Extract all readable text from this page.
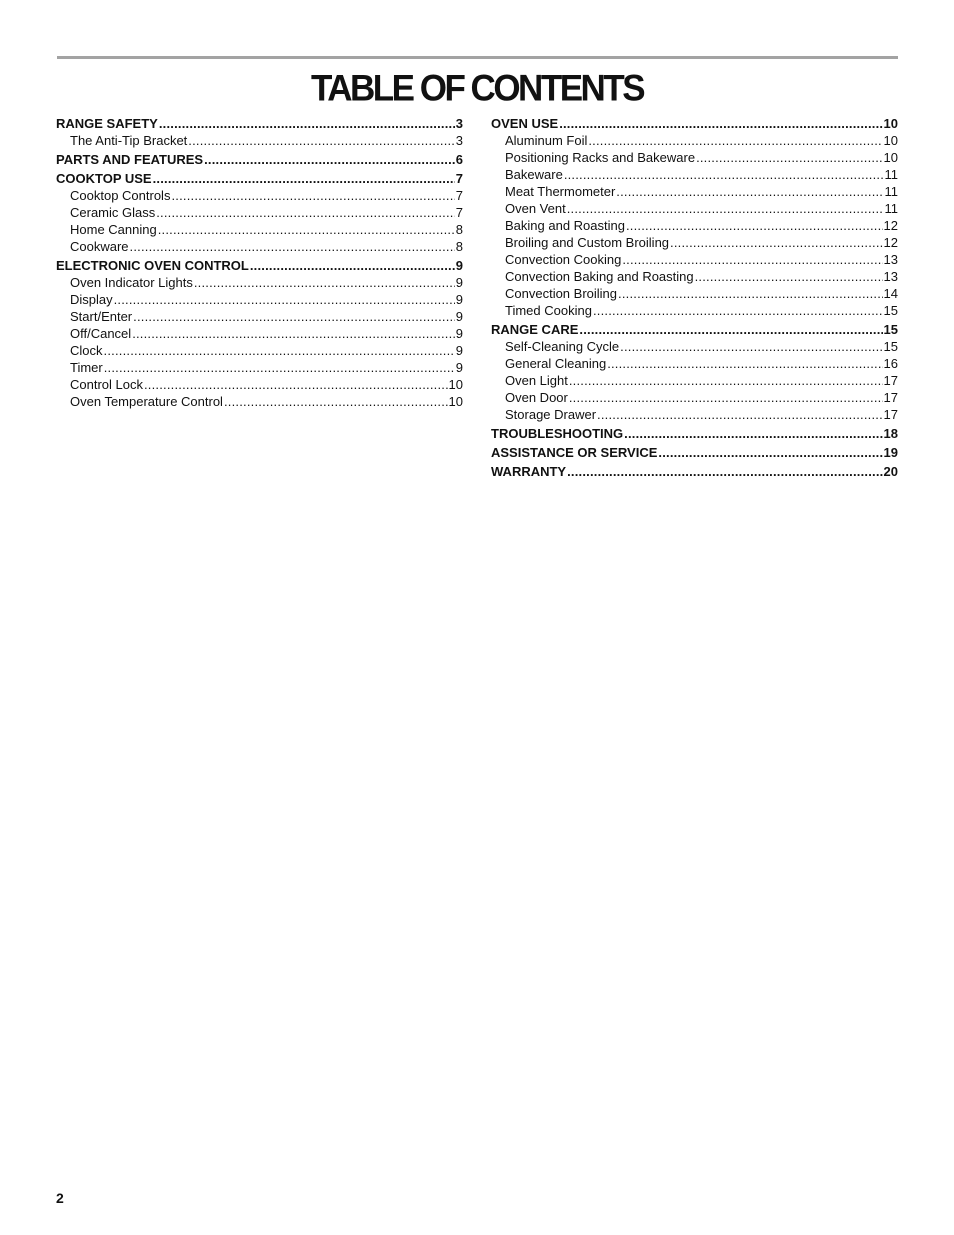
TABLE OF CONTENTS
RANGE SAFETY .....	3
The Anti-Tip Bracket .....	3
PARTS AND FEATURES .....	6
COOKTOP USE .....	7
Cooktop Controls .....	7
Ceramic Glass .....	7
Home Canning .....	8
Cookware .....	8
ELECTRONIC OVEN CONTROL .....	9
Oven Indicator Lights .....	9
Display .....	9
Start/Enter .....	9
Off/Cancel .....	9
Clock .....	9
Timer .....	9
Control Lock .....	10
Oven Temperature Control .....	10
OVEN USE .....	10
Aluminum Foil .....	10
Positioning Racks and Bakeware .....	10
Bakeware .....	11
Meat Thermometer .....	11
Oven Vent .....	11
Baking and Roasting .....	12
Broiling and Custom Broiling .....	12
Convection Cooking .....	13
Convection Baking and Roasting .....	13
Convection Broiling .....	14
Timed Cooking .....	15
RANGE CARE .....	15
Self-Cleaning Cycle .....	15
General Cleaning .....	16
Oven Light .....	17
Oven Door .....	17
Storage Drawer .....	17
TROUBLESHOOTING .....	18
ASSISTANCE OR SERVICE .....	19
WARRANTY .....	20
2
